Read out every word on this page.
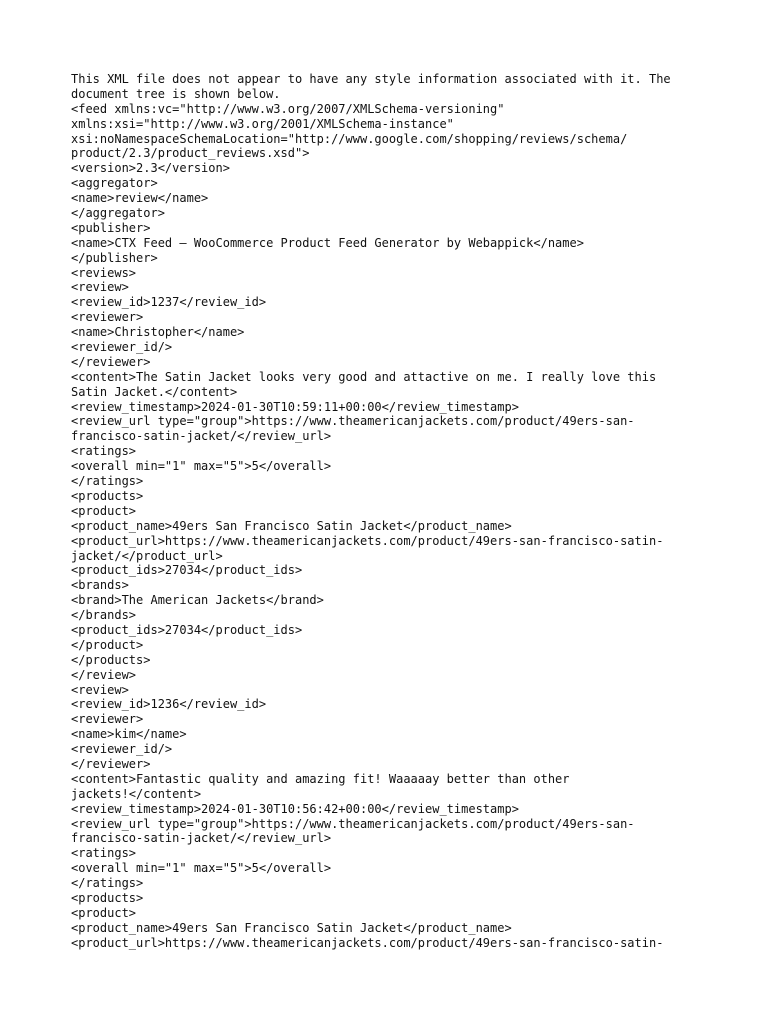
This XML file does not appear to have any style information associated with it. The
document tree is shown below.
<feed xmlns:vc="http://www.w3.org/2007/XMLSchema-versioning"
xmlns:xsi="http://www.w3.org/2001/XMLSchema-instance"
xsi:noNamespaceSchemaLocation="http://www.google.com/shopping/reviews/schema/
product/2.3/product_reviews.xsd">
<version>2.3</version>
<aggregator>
<name>review</name>
</aggregator>
<publisher>
<name>CTX Feed – WooCommerce Product Feed Generator by Webappick</name>
</publisher>
<reviews>
<review>
<review_id>1237</review_id>
<reviewer>
<name>Christopher</name>
<reviewer_id/>
</reviewer>
<content>The Satin Jacket looks very good and attactive on me. I really love this
Satin Jacket.</content>
<review_timestamp>2024-01-30T10:59:11+00:00</review_timestamp>
<review_url type="group">https://www.theamericanjackets.com/product/49ers-san-
francisco-satin-jacket/</review_url>
<ratings>
<overall min="1" max="5">5</overall>
</ratings>
<products>
<product>
<product_name>49ers San Francisco Satin Jacket</product_name>
<product_url>https://www.theamericanjackets.com/product/49ers-san-francisco-satin-
jacket/</product_url>
<product_ids>27034</product_ids>
<brands>
<brand>The American Jackets</brand>
</brands>
<product_ids>27034</product_ids>
</product>
</products>
</review>
<review>
<review_id>1236</review_id>
<reviewer>
<name>kim</name>
<reviewer_id/>
</reviewer>
<content>Fantastic quality and amazing fit! Waaaaay better than other
jackets!</content>
<review_timestamp>2024-01-30T10:56:42+00:00</review_timestamp>
<review_url type="group">https://www.theamericanjackets.com/product/49ers-san-
francisco-satin-jacket/</review_url>
<ratings>
<overall min="1" max="5">5</overall>
</ratings>
<products>
<product>
<product_name>49ers San Francisco Satin Jacket</product_name>
<product_url>https://www.theamericanjackets.com/product/49ers-san-francisco-satin-
